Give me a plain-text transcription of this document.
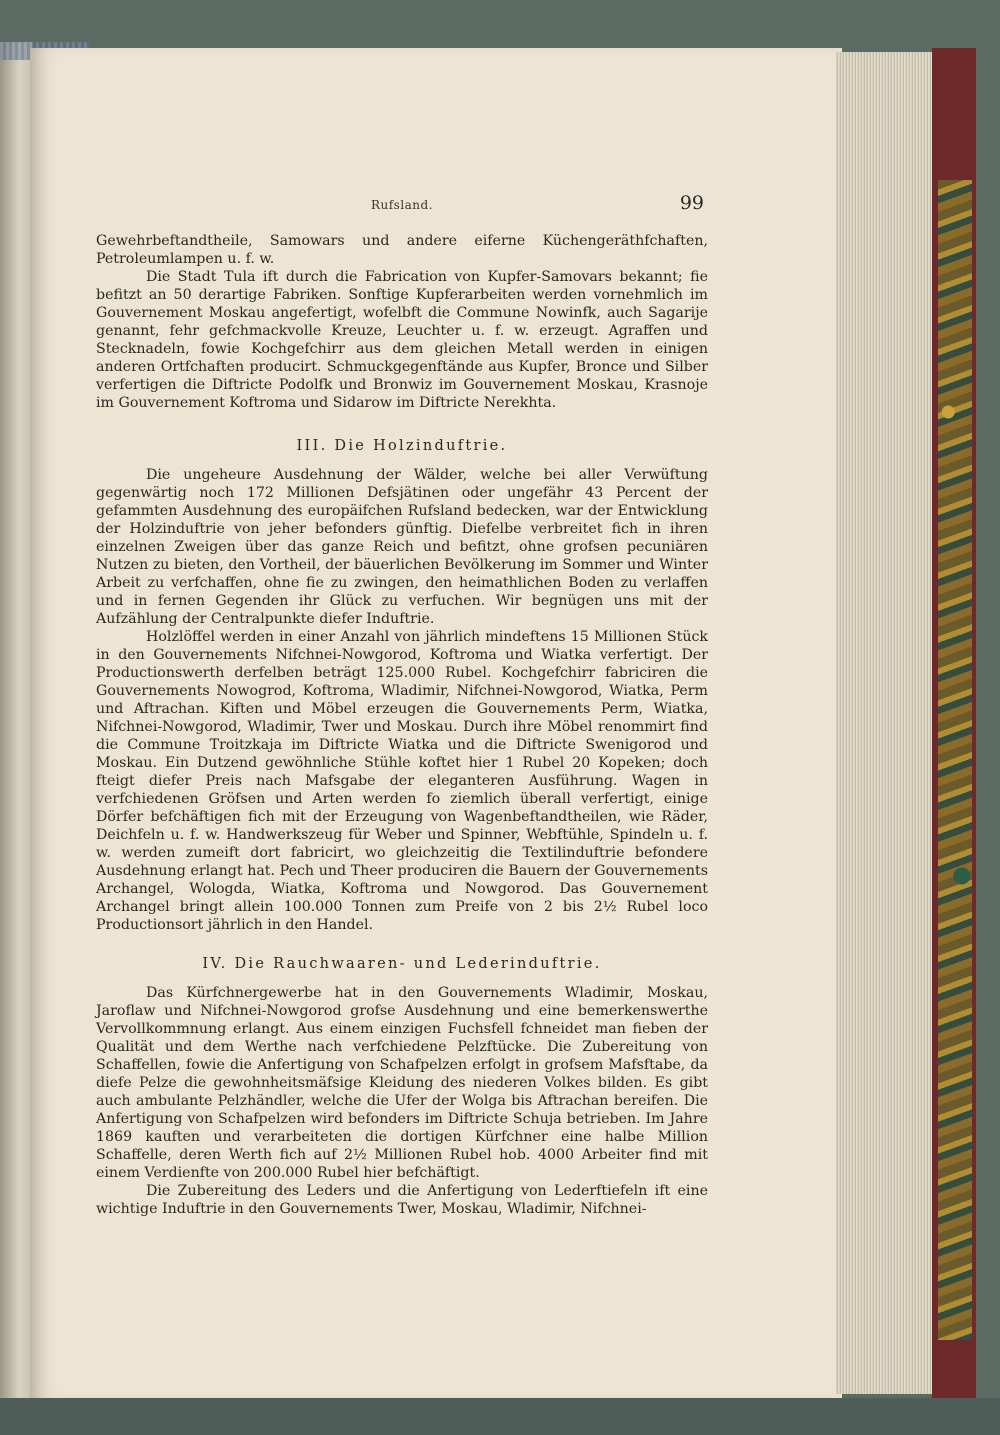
Rufsland.	99

Gewehrbeftandtheile, Samowars und andere eiferne Küchengeräthfchaften, Petroleumlampen u. f. w.

Die Stadt Tula ift durch die Fabrication von Kupfer-Samovars bekannt; fie befitzt an 50 derartige Fabriken. Sonftige Kupferarbeiten werden vornehmlich im Gouvernement Moskau angefertigt, wofelbft die Commune Nowinfk, auch Sagarije genannt, fehr gefchmackvolle Kreuze, Leuchter u. f. w. erzeugt. Agraffen und Stecknadeln, fowie Kochgefchirr aus dem gleichen Metall werden in einigen anderen Ortfchaften producirt. Schmuckgegenftände aus Kupfer, Bronce und Silber verfertigen die Diftricte Podolfk und Bronwiz im Gouvernement Moskau, Krasnoje im Gouvernement Koftroma und Sidarow im Diftricte Nerekhta.

III. Die Holzinduftrie.

Die ungeheure Ausdehnung der Wälder, welche bei aller Verwüftung gegenwärtig noch 172 Millionen Defsjätinen oder ungefähr 43 Percent der gefammten Ausdehnung des europäifchen Rufsland bedecken, war der Entwicklung der Holzinduftrie von jeher befonders günftig. Diefelbe verbreitet fich in ihren einzelnen Zweigen über das ganze Reich und befitzt, ohne grofsen pecuniären Nutzen zu bieten, den Vortheil, der bäuerlichen Bevölkerung im Sommer und Winter Arbeit zu verfchaffen, ohne fie zu zwingen, den heimathlichen Boden zu verlaffen und in fernen Gegenden ihr Glück zu verfuchen. Wir begnügen uns mit der Aufzählung der Centralpunkte diefer Induftrie.

Holzlöffel werden in einer Anzahl von jährlich mindeftens 15 Millionen Stück in den Gouvernements Nifchnei-Nowgorod, Koftroma und Wiatka verfertigt. Der Productionswerth derfelben beträgt 125.000 Rubel. Kochgefchirr fabriciren die Gouvernements Nowogrod, Koftroma, Wladimir, Nifchnei-Nowgorod, Wiatka, Perm und Aftrachan. Kiften und Möbel erzeugen die Gouvernements Perm, Wiatka, Nifchnei-Nowgorod, Wladimir, Twer und Moskau. Durch ihre Möbel renommirt find die Commune Troitzkaja im Diftricte Wiatka und die Diftricte Swenigorod und Moskau. Ein Dutzend gewöhnliche Stühle koftet hier 1 Rubel 20 Kopeken; doch fteigt diefer Preis nach Mafsgabe der eleganteren Ausführung. Wagen in verfchiedenen Gröfsen und Arten werden fo ziemlich überall verfertigt, einige Dörfer befchäftigen fich mit der Erzeugung von Wagenbeftandtheilen, wie Räder, Deichfeln u. f. w. Handwerkszeug für Weber und Spinner, Webftühle, Spindeln u. f. w. werden zumeift dort fabricirt, wo gleichzeitig die Textilinduftrie befondere Ausdehnung erlangt hat. Pech und Theer produciren die Bauern der Gouvernements Archangel, Wologda, Wiatka, Koftroma und Nowgorod. Das Gouvernement Archangel bringt allein 100.000 Tonnen zum Preife von 2 bis 2½ Rubel loco Productionsort jährlich in den Handel.

IV. Die Rauchwaaren- und Lederinduftrie.

Das Kürfchnergewerbe hat in den Gouvernements Wladimir, Moskau, Jaroflaw und Nifchnei-Nowgorod grofse Ausdehnung und eine bemerkenswerthe Vervollkommnung erlangt. Aus einem einzigen Fuchsfell fchneidet man fieben der Qualität und dem Werthe nach verfchiedene Pelzftücke. Die Zubereitung von Schaffellen, fowie die Anfertigung von Schafpelzen erfolgt in grofsem Mafsftabe, da diefe Pelze die gewohnheitsmäfsige Kleidung des niederen Volkes bilden. Es gibt auch ambulante Pelzhändler, welche die Ufer der Wolga bis Aftrachan bereifen. Die Anfertigung von Schafpelzen wird befonders im Diftricte Schuja betrieben. Im Jahre 1869 kauften und verarbeiteten die dortigen Kürfchner eine halbe Million Schaffelle, deren Werth fich auf 2½ Millionen Rubel hob. 4000 Arbeiter find mit einem Verdienfte von 200.000 Rubel hier befchäftigt.

Die Zubereitung des Leders und die Anfertigung von Lederftiefeln ift eine wichtige Induftrie in den Gouvernements Twer, Moskau, Wladimir, Nifchnei-
